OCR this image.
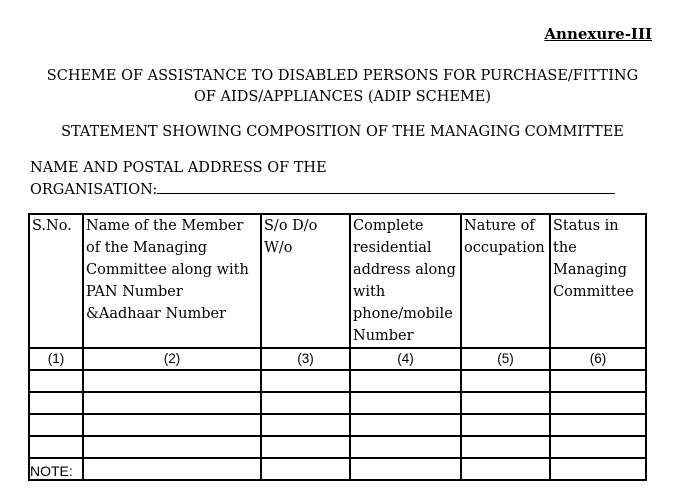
Annexure-III
SCHEME OF ASSISTANCE TO DISABLED PERSONS FOR PURCHASE/FITTING
OF AIDS/APPLIANCES (ADIP SCHEME)
STATEMENT SHOWING COMPOSITION OF THE MANAGING COMMITTEE
NAME AND POSTAL ADDRESS OF THE
ORGANISATION:
S.No.	Name of the Member of the Managing Committee along with PAN Number &Aadhaar Number	S/o D/o W/o	Complete residential address along with phone/mobile Number	Nature of occupation	Status in the Managing Committee
(1)	(2)	(3)	(4)	(5)	(6)

NOTE:
